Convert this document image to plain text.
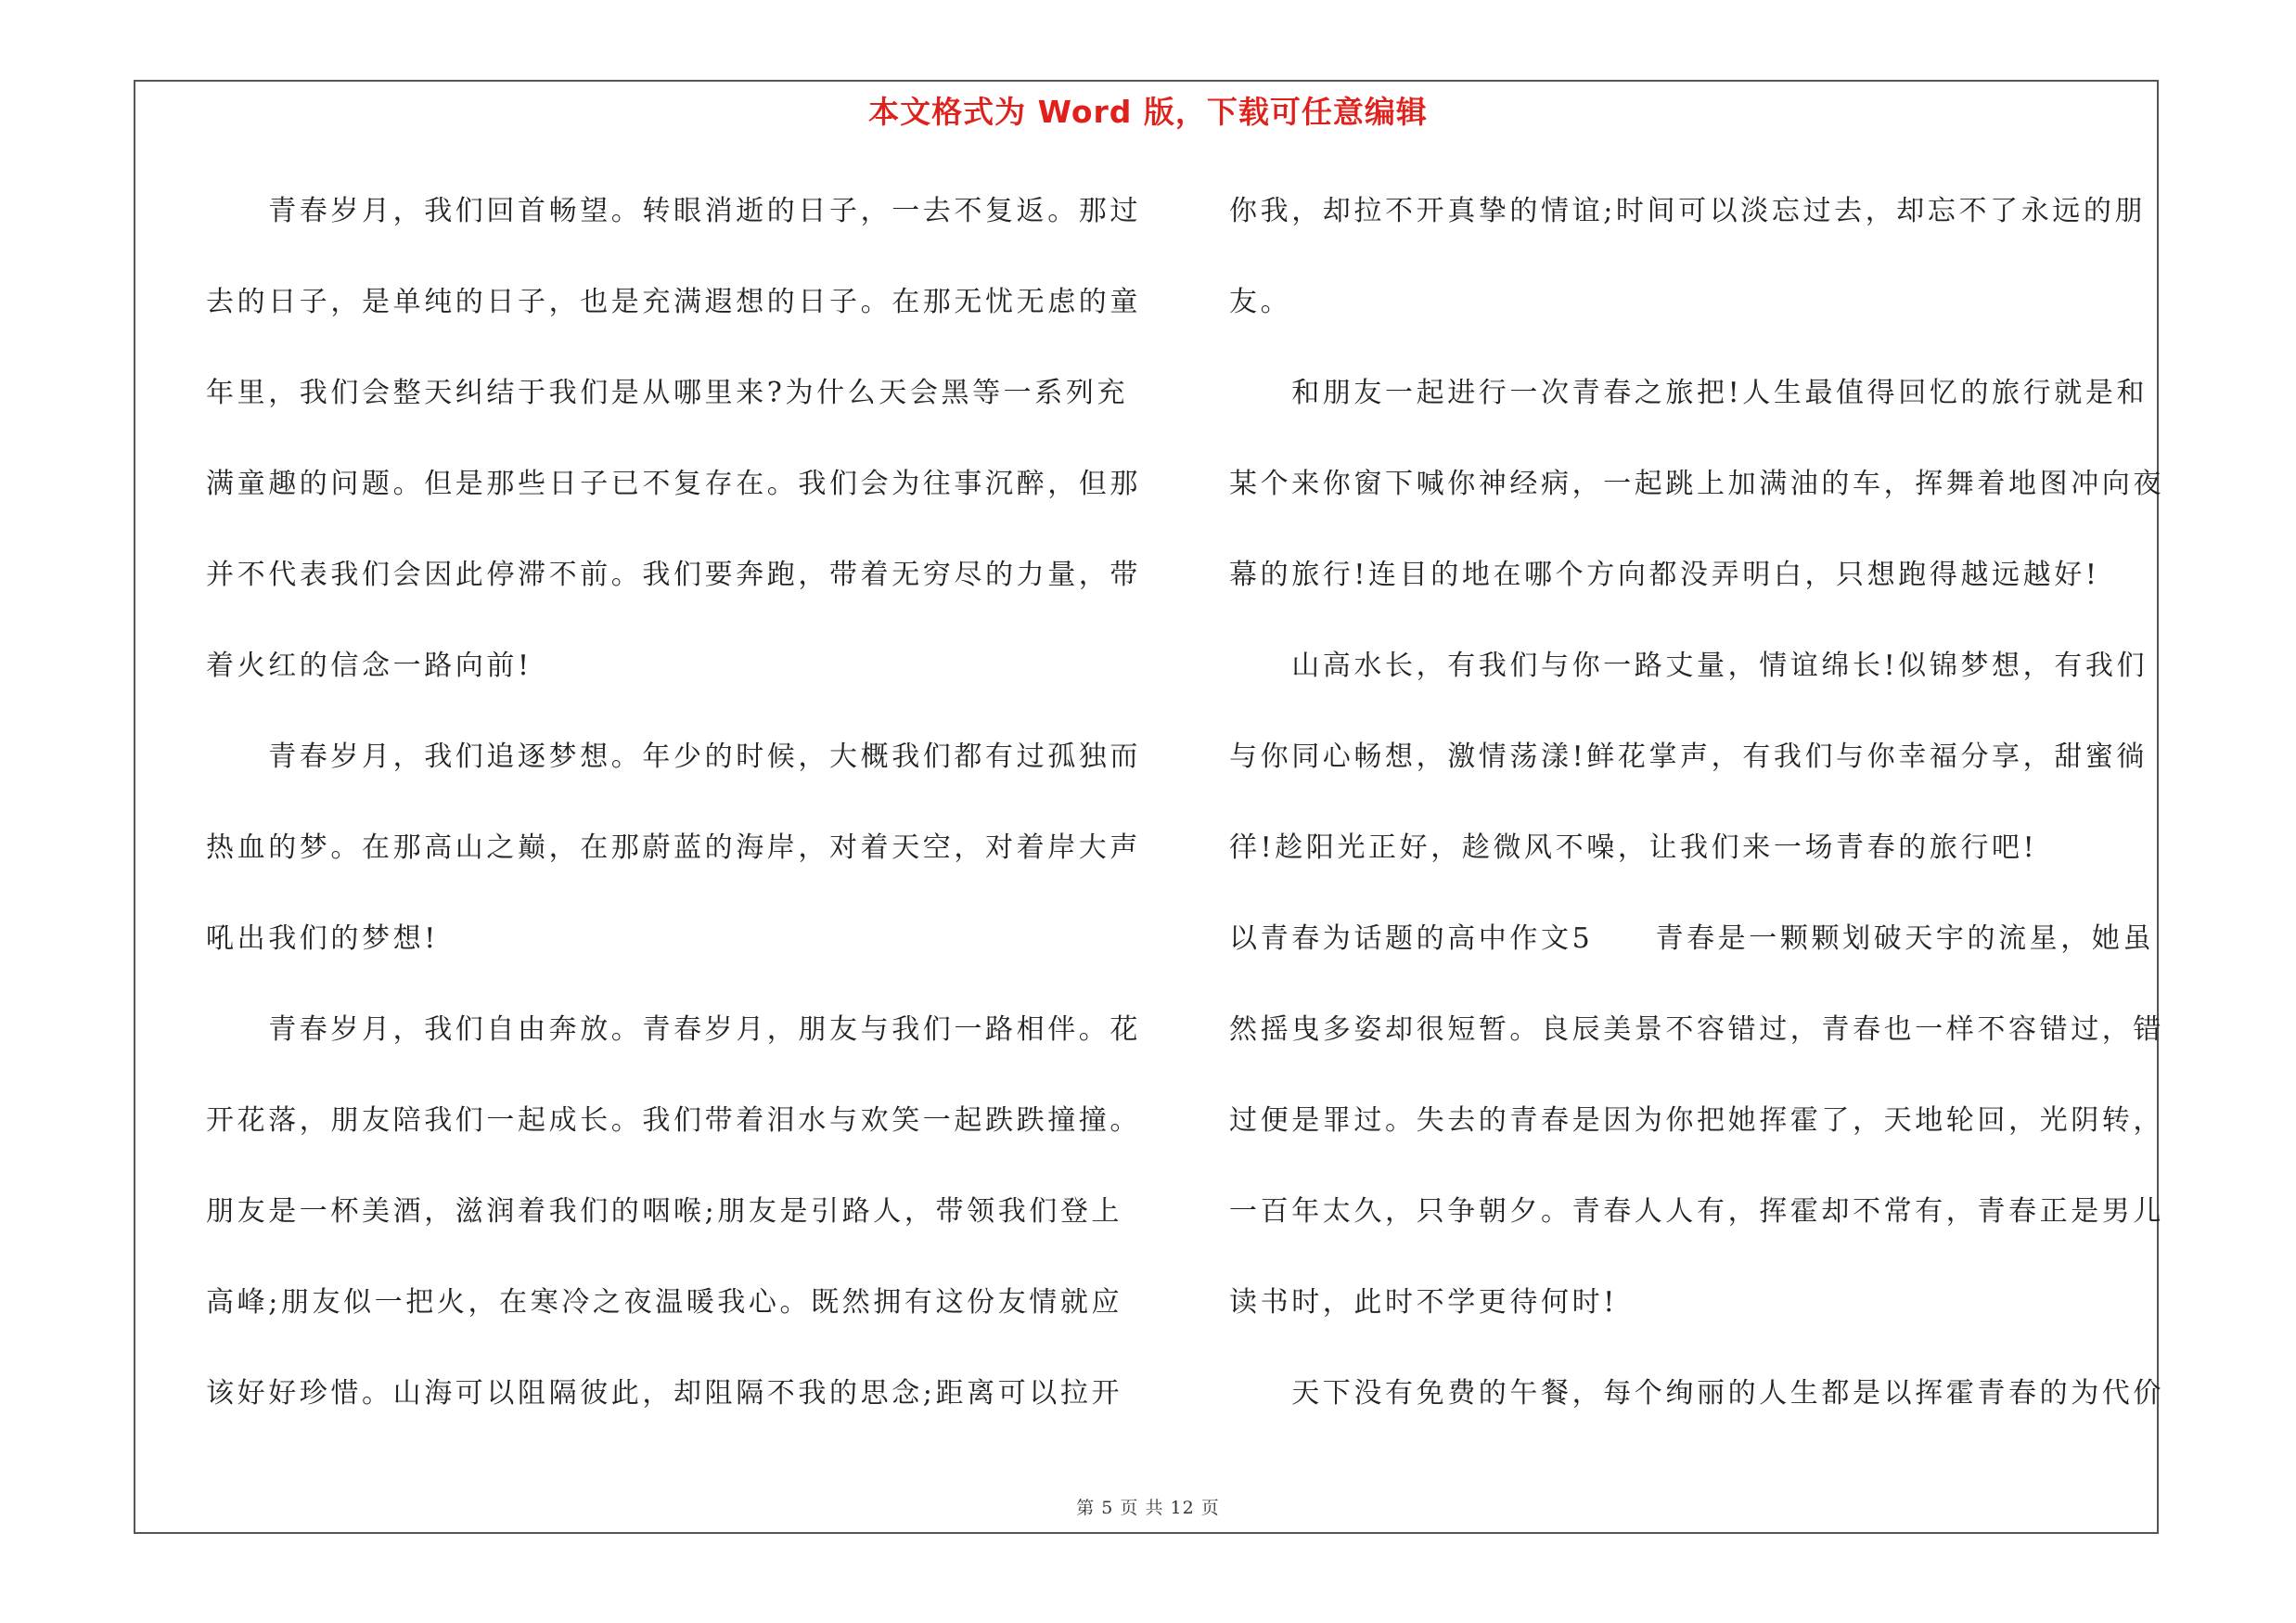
本文格式为 Word 版，下载可任意编辑
　　青春岁月，我们回首畅望。转眼消逝的日子，一去不复返。那过
去的日子，是单纯的日子，也是充满遐想的日子。在那无忧无虑的童
年里，我们会整天纠结于我们是从哪里来?为什么天会黑等一系列充
满童趣的问题。但是那些日子已不复存在。我们会为往事沉醉，但那
并不代表我们会因此停滞不前。我们要奔跑，带着无穷尽的力量，带
着火红的信念一路向前!
　　青春岁月，我们追逐梦想。年少的时候，大概我们都有过孤独而
热血的梦。在那高山之巅，在那蔚蓝的海岸，对着天空，对着岸大声
吼出我们的梦想!
　　青春岁月，我们自由奔放。青春岁月，朋友与我们一路相伴。花
开花落，朋友陪我们一起成长。我们带着泪水与欢笑一起跌跌撞撞。
朋友是一杯美酒，滋润着我们的咽喉;朋友是引路人，带领我们登上
高峰;朋友似一把火，在寒冷之夜温暖我心。既然拥有这份友情就应
该好好珍惜。山海可以阻隔彼此，却阻隔不我的思念;距离可以拉开
你我，却拉不开真挚的情谊;时间可以淡忘过去，却忘不了永远的朋
友。
　　和朋友一起进行一次青春之旅把!人生最值得回忆的旅行就是和
某个来你窗下喊你神经病，一起跳上加满油的车，挥舞着地图冲向夜
幕的旅行!连目的地在哪个方向都没弄明白，只想跑得越远越好!
　　山高水长，有我们与你一路丈量，情谊绵长!似锦梦想，有我们
与你同心畅想，激情荡漾!鲜花掌声，有我们与你幸福分享，甜蜜徜
徉!趁阳光正好，趁微风不噪，让我们来一场青春的旅行吧!
以青春为话题的高中作文5　　青春是一颗颗划破天宇的流星，她虽
然摇曳多姿却很短暂。良辰美景不容错过，青春也一样不容错过，错
过便是罪过。失去的青春是因为你把她挥霍了，天地轮回，光阴转，
一百年太久，只争朝夕。青春人人有，挥霍却不常有，青春正是男儿
读书时，此时不学更待何时!
　　天下没有免费的午餐，每个绚丽的人生都是以挥霍青春的为代价
第 5 页 共 12 页
